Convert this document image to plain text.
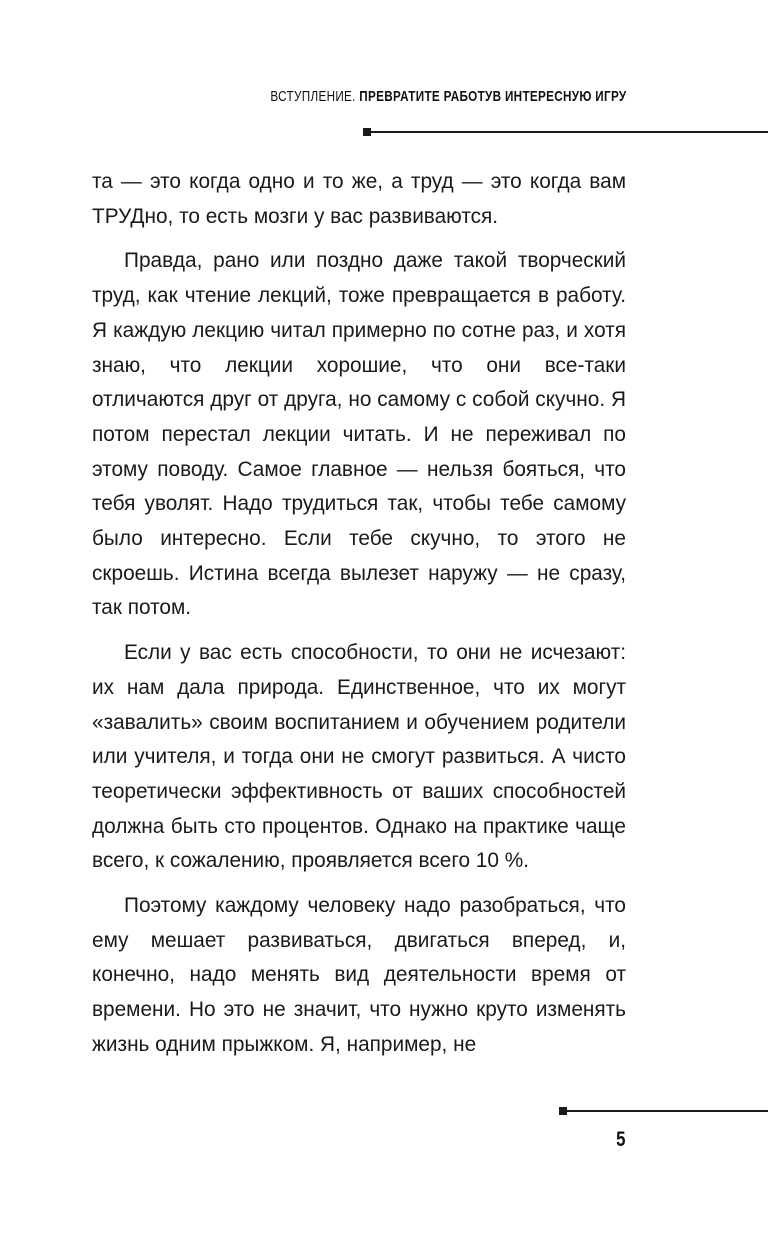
ВСТУПЛЕНИЕ. ПРЕВРАТИТЕ РАБОТУВ ИНТЕРЕСНУЮ ИГРУ

та — это когда одно и то же, а труд — это когда вам ТРУДно, то есть мозги у вас развиваются.

Правда, рано или поздно даже такой творческий труд, как чтение лекций, тоже превращается в работу. Я каждую лекцию читал примерно по сотне раз, и хотя знаю, что лекции хорошие, что они все-таки отличаются друг от друга, но самому с собой скучно. Я потом перестал лекции читать. И не переживал по этому поводу. Самое главное — нельзя бояться, что тебя уволят. Надо трудиться так, чтобы тебе самому было интересно. Если тебе скучно, то этого не скроешь. Истина всегда вылезет наружу — не сразу, так потом.

Если у вас есть способности, то они не исчезают: их нам дала природа. Единственное, что их могут «завалить» своим воспитанием и обучением родители или учителя, и тогда они не смогут развиться. А чисто теоретически эффективность от ваших способностей должна быть сто процентов. Однако на практике чаще всего, к сожалению, проявляется всего 10 %.

Поэтому каждому человеку надо разобраться, что ему мешает развиваться, двигаться вперед, и, конечно, надо менять вид деятельности время от времени. Но это не значит, что нужно круто изменять жизнь одним прыжком. Я, например, не

5
